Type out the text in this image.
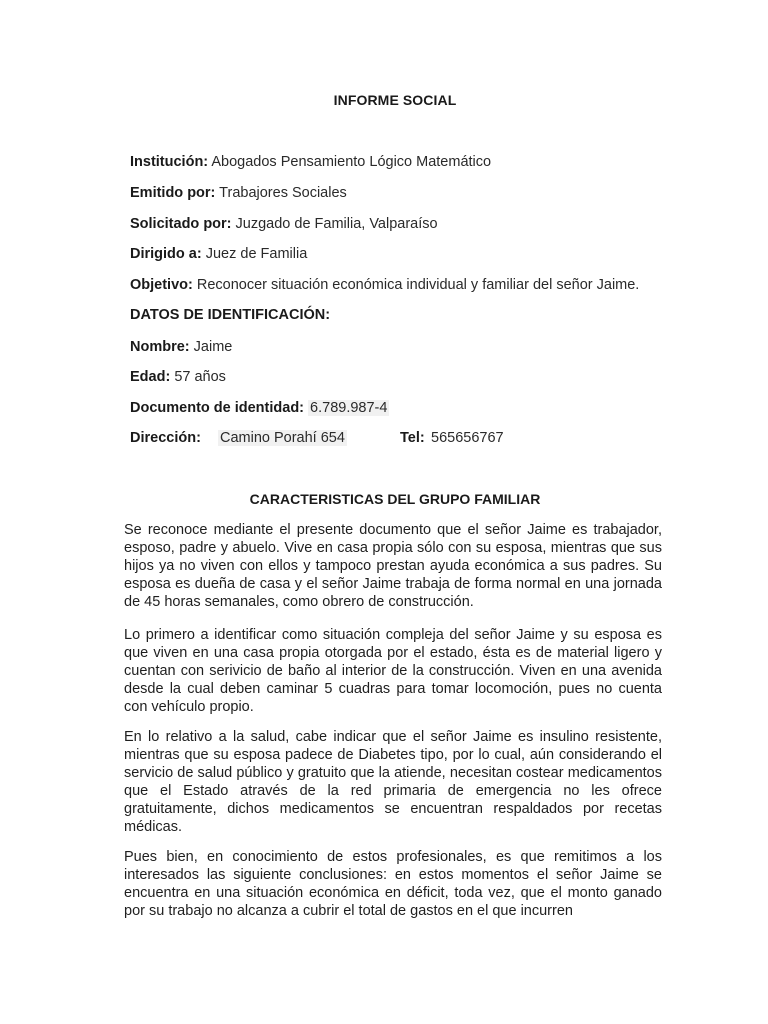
INFORME SOCIAL
Institución: Abogados Pensamiento Lógico Matemático
Emitido por: Trabajores Sociales
Solicitado por: Juzgado de Familia, Valparaíso
Dirigido a: Juez de Familia
Objetivo: Reconocer situación económica individual y familiar del señor Jaime.
DATOS DE IDENTIFICACIÓN:
Nombre: Jaime
Edad: 57 años
Documento de identidad: 6.789.987-4
Dirección: Camino Porahí 654	Tel: 565656767
CARACTERISTICAS DEL GRUPO FAMILIAR

Se reconoce mediante el presente documento que el señor Jaime es trabajador, esposo, padre y abuelo. Vive en casa propia sólo con su esposa, mientras que sus hijos ya no viven con ellos y tampoco prestan ayuda económica a sus padres. Su esposa es dueña de casa y el señor Jaime trabaja de forma normal en una jornada de 45 horas semanales, como obrero de construcción.

Lo primero a identificar como situación compleja del señor Jaime y su esposa es que viven en una casa propia otorgada por el estado, ésta es de material ligero y cuentan con serivicio de baño al interior de la construcción. Viven en una avenida desde la cual deben caminar 5 cuadras para tomar locomoción, pues no cuenta con vehículo propio.

En lo relativo a la salud, cabe indicar que el señor Jaime es insulino resistente, mientras que su esposa padece de Diabetes tipo, por lo cual, aún considerando el servicio de salud público y gratuito que la atiende, necesitan costear medicamentos que el Estado através de la red primaria de emergencia no les ofrece gratuitamente, dichos medicamentos se encuentran respaldados por recetas médicas.

Pues bien, en conocimiento de estos profesionales, es que remitimos a los interesados las siguiente conclusiones: en estos momentos el señor Jaime se encuentra en una situación económica en déficit, toda vez, que el monto ganado por su trabajo no alcanza a cubrir el total de gastos en el que incurren
